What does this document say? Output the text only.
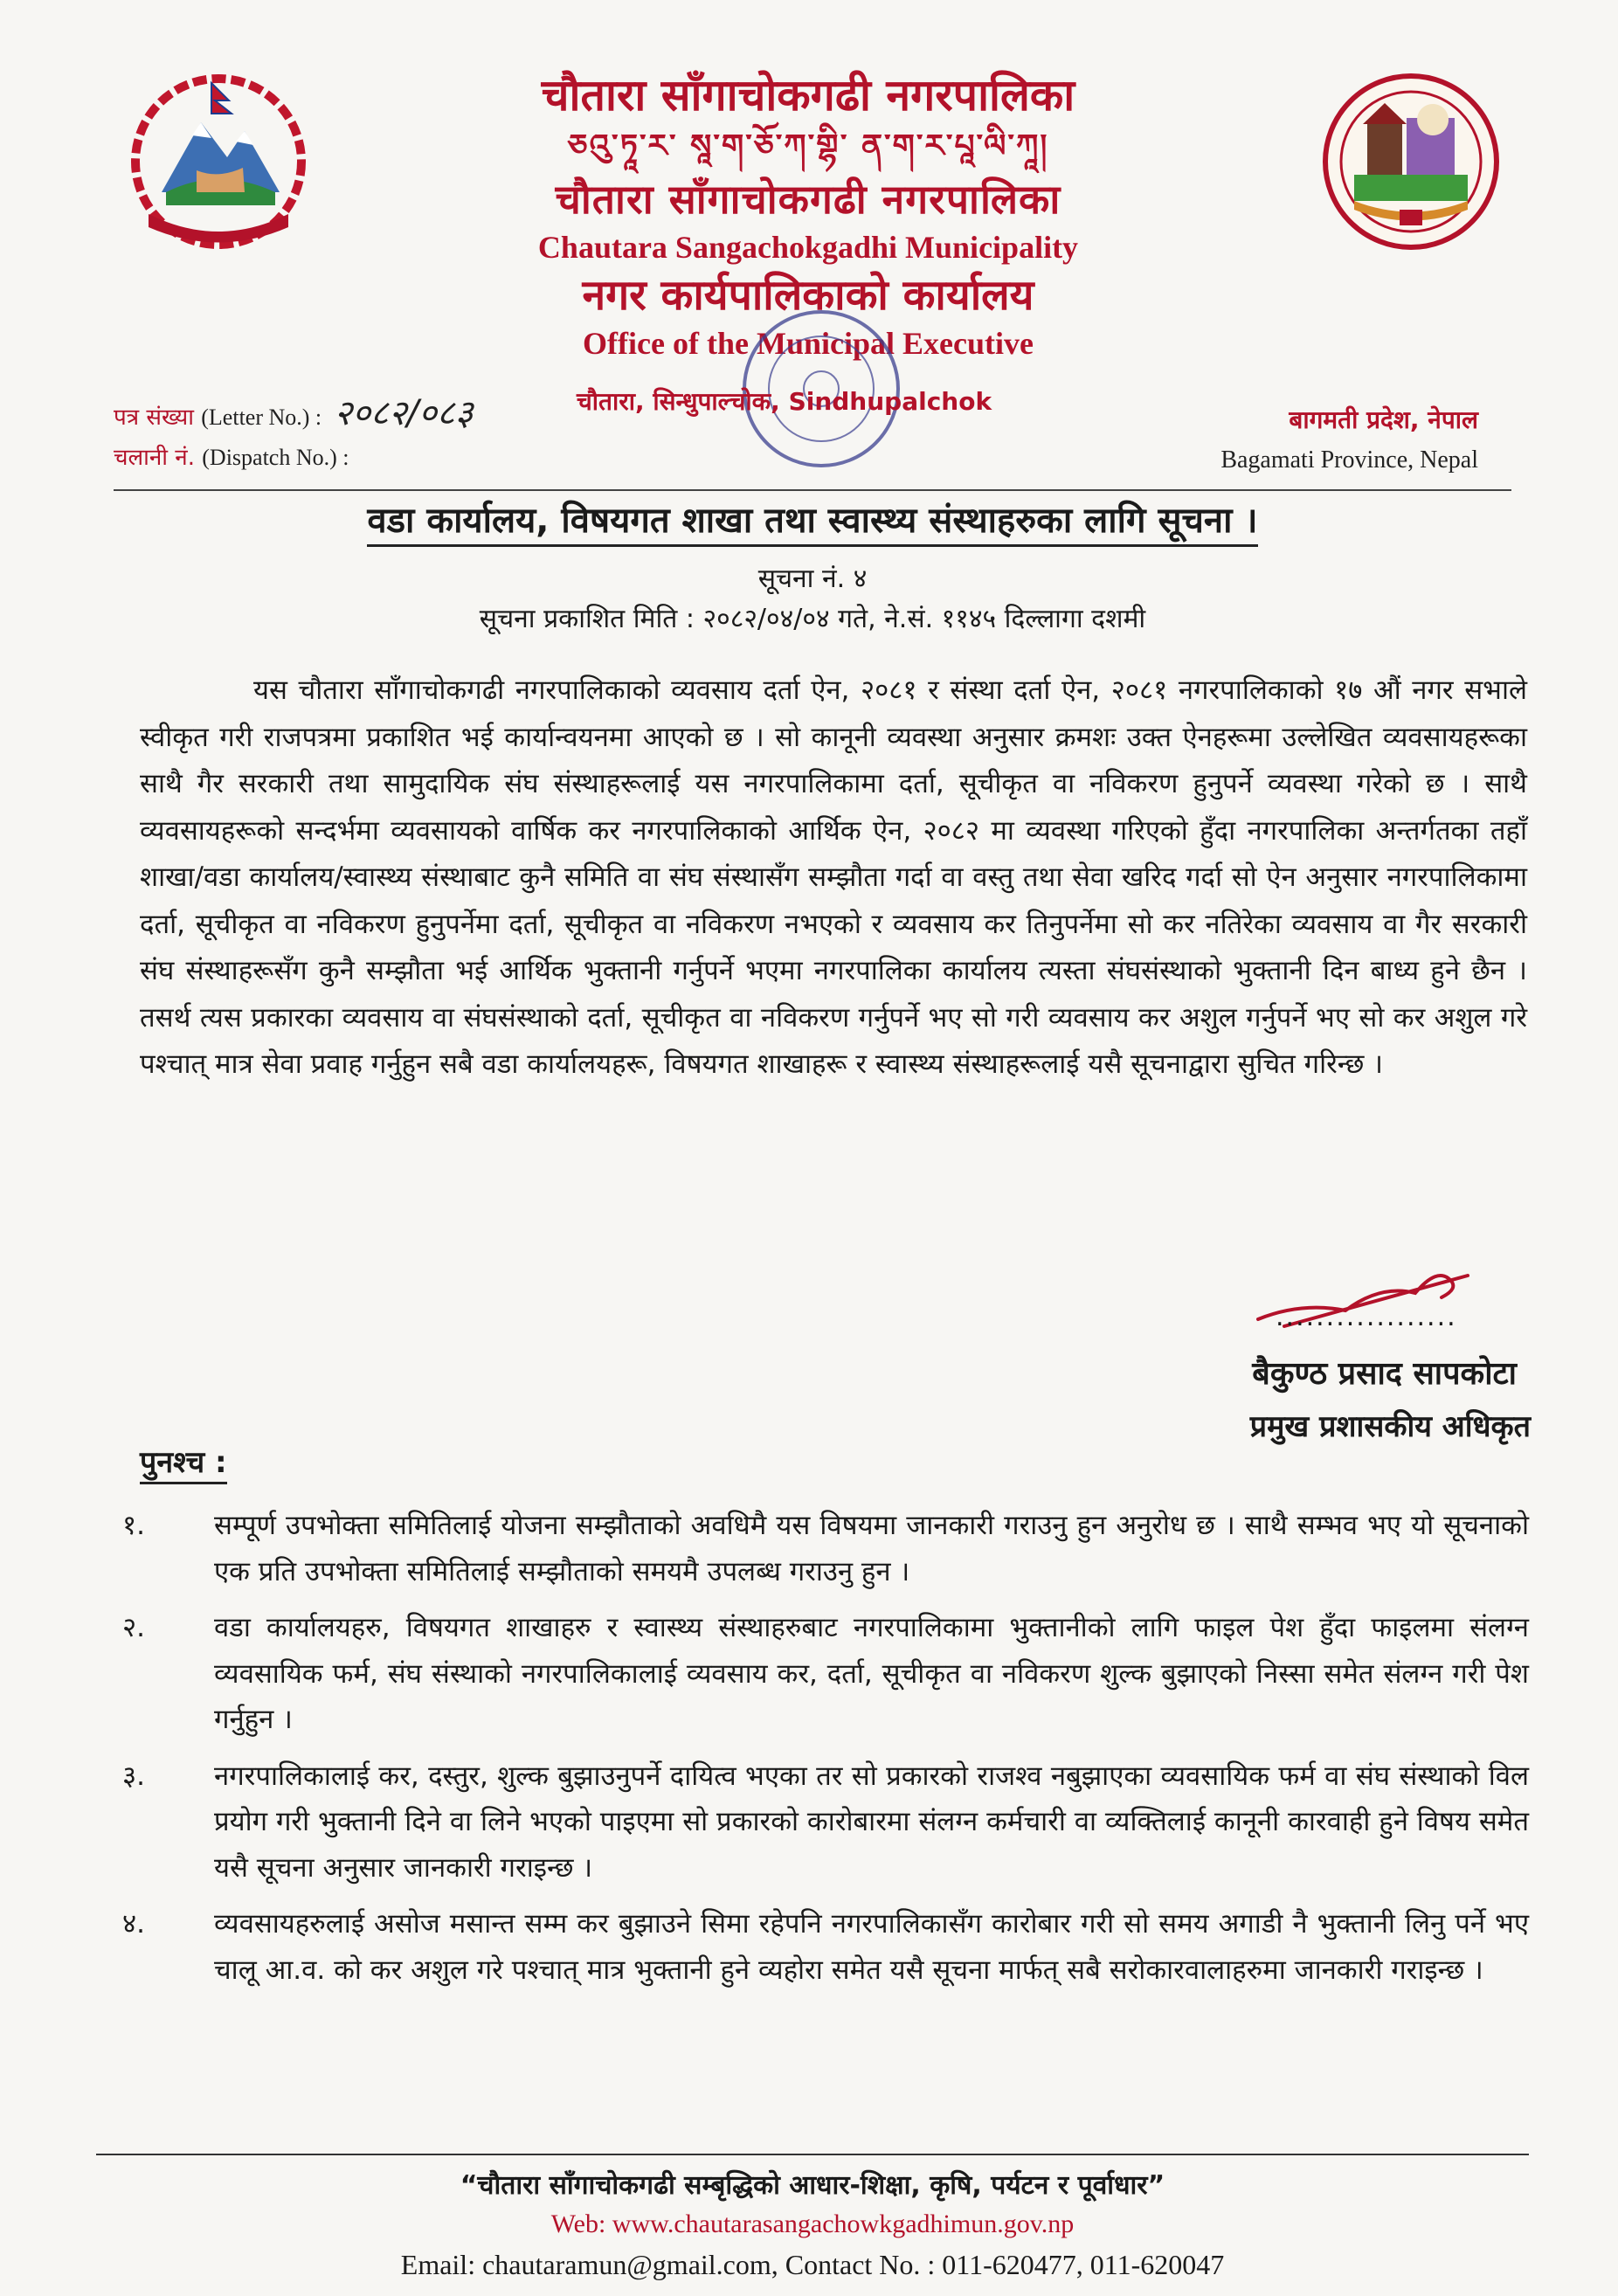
चौतारा साँगाचोकगढी नगरपालिका
ཅའུ་ཏཱ་ར་ སཱ་ག་ཅོ་ཀ་གྷི་ ན་ག་ར་པཱ་ལི་ཀཱ།
चौतारा साँगाचोकगढी नगरपालिका
Chautara Sangachokgadhi Municipality
नगर कार्यपालिकाको कार्यालय
Office of the Municipal Executive
पत्र संख्या (Letter No.) : २०८२/०८३
चलानी नं. (Dispatch No.) :
चौतारा, सिन्धुपाल्चोक, Sindhupalchok
बागमती प्रदेश, नेपाल
Bagamati Province, Nepal
वडा कार्यालय, विषयगत शाखा तथा स्वास्थ्य संस्थाहरुका लागि सूचना ।
सूचना नं. ४
सूचना प्रकाशित मिति : २०८२/०४/०४ गते, ने.सं. ११४५ दिल्लागा दशमी
यस चौतारा साँगाचोकगढी नगरपालिकाको व्यवसाय दर्ता ऐन, २०८१ र संस्था दर्ता ऐन, २०८१ नगरपालिकाको १७ औं नगर सभाले स्वीकृत गरी राजपत्रमा प्रकाशित भई कार्यान्वयनमा आएको छ । सो कानूनी व्यवस्था अनुसार क्रमशः उक्त ऐनहरूमा उल्लेखित व्यवसायहरूका साथै गैर सरकारी तथा सामुदायिक संघ संस्थाहरूलाई यस नगरपालिकामा दर्ता, सूचीकृत वा नविकरण हुनुपर्ने व्यवस्था गरेको छ । साथै व्यवसायहरूको सन्दर्भमा व्यवसायको वार्षिक कर नगरपालिकाको आर्थिक ऐन, २०८२ मा व्यवस्था गरिएको हुँदा नगरपालिका अन्तर्गतका तहाँ शाखा/वडा कार्यालय/स्वास्थ्य संस्थाबाट कुनै समिति वा संघ संस्थासँग सम्झौता गर्दा वा वस्तु तथा सेवा खरिद गर्दा सो ऐन अनुसार नगरपालिकामा दर्ता, सूचीकृत वा नविकरण हुनुपर्नेमा दर्ता, सूचीकृत वा नविकरण नभएको र व्यवसाय कर तिनुपर्नेमा सो कर नतिरेका व्यवसाय वा गैर सरकारी संघ संस्थाहरूसँग कुनै सम्झौता भई आर्थिक भुक्तानी गर्नुपर्ने भएमा नगरपालिका कार्यालय त्यस्ता संघसंस्थाको भुक्तानी दिन बाध्य हुने छैन । तसर्थ त्यस प्रकारका व्यवसाय वा संघसंस्थाको दर्ता, सूचीकृत वा नविकरण गर्नुपर्ने भए सो गरी व्यवसाय कर अशुल गर्नुपर्ने भए सो कर अशुल गरे पश्चात् मात्र सेवा प्रवाह गर्नुहुन सबै वडा कार्यालयहरू, विषयगत शाखाहरू र स्वास्थ्य संस्थाहरूलाई यसै सूचनाद्वारा सुचित गरिन्छ ।
..................
बैकुण्ठ प्रसाद सापकोटा
प्रमुख प्रशासकीय अधिकृत
पुनश्च :
१.	सम्पूर्ण उपभोक्ता समितिलाई योजना सम्झौताको अवधिमै यस विषयमा जानकारी गराउनु हुन अनुरोध छ । साथै सम्भव भए यो सूचनाको एक प्रति उपभोक्ता समितिलाई सम्झौताको समयमै उपलब्ध गराउनु हुन ।
२.	वडा कार्यालयहरु, विषयगत शाखाहरु र स्वास्थ्य संस्थाहरुबाट नगरपालिकामा भुक्तानीको लागि फाइल पेश हुँदा फाइलमा संलग्न व्यवसायिक फर्म, संघ संस्थाको नगरपालिकालाई व्यवसाय कर, दर्ता, सूचीकृत वा नविकरण शुल्क बुझाएको निस्सा समेत संलग्न गरी पेश गर्नुहुन ।
३.	नगरपालिकालाई कर, दस्तुर, शुल्क बुझाउनुपर्ने दायित्व भएका तर सो प्रकारको राजश्व नबुझाएका व्यवसायिक फर्म वा संघ संस्थाको विल प्रयोग गरी भुक्तानी दिने वा लिने भएको पाइएमा सो प्रकारको कारोबारमा संलग्न कर्मचारी वा व्यक्तिलाई कानूनी कारवाही हुने विषय समेत यसै सूचना अनुसार जानकारी गराइन्छ ।
४.	व्यवसायहरुलाई असोज मसान्त सम्म कर बुझाउने सिमा रहेपनि नगरपालिकासँग कारोबार गरी सो समय अगाडी नै भुक्तानी लिनु पर्ने भए चालू आ.व. को कर अशुल गरे पश्चात् मात्र भुक्तानी हुने व्यहोरा समेत यसै सूचना मार्फत् सबै सरोकारवालाहरुमा जानकारी गराइन्छ ।
“चौतारा साँगाचोकगढी सम्बृद्धिको आधार-शिक्षा, कृषि, पर्यटन र पूर्वाधार”
Web: www.chautarasangachowkgadhimun.gov.np
Email: chautaramun@gmail.com, Contact No. : 011-620477, 011-620047
